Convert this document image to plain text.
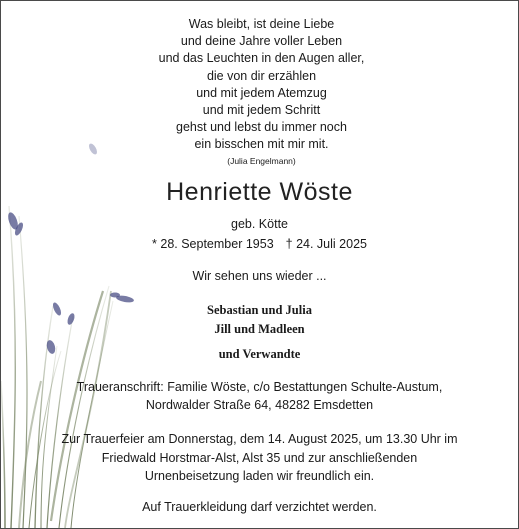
Was bleibt, ist deine Liebe
und deine Jahre voller Leben
und das Leuchten in den Augen aller,
die von dir erzählen
und mit jedem Atemzug
und mit jedem Schritt
gehst und lebst du immer noch
ein bisschen mit mir mit.
(Julia Engelmann)
Henriette Wöste
geb. Kötte
* 28. September 1953 † 24. Juli 2025
Wir sehen uns wieder ...
Sebastian und Julia
Jill und Madleen
und Verwandte
Traueranschrift: Familie Wöste, c/o Bestattungen Schulte-Austum,
Nordwalder Straße 64, 48282 Emsdetten
Zur Trauerfeier am Donnerstag, dem 14. August 2025, um 13.30 Uhr im
Friedwald Horstmar-Alst, Alst 35 und zur anschließenden
Urnenbeisetzung laden wir freundlich ein.
Auf Trauerkleidung darf verzichtet werden.
